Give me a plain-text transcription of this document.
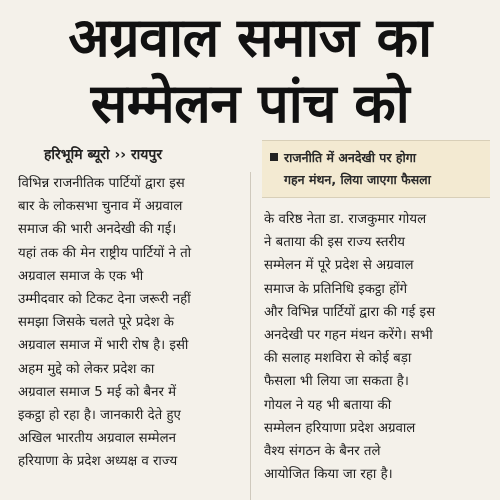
अग्रवाल समाज का
सम्मेलन पांच को
हरिभूमि ब्यूरो ›› रायपुर	राजनीति में अनदेखी पर होगा
गहन मंथन, लिया जाएगा फैसला
विभिन्न राजनीतिक पार्टियों द्वारा इस
बार के लोकसभा चुनाव में अग्रवाल
समाज की भारी अनदेखी की गई।
यहां तक की मेन राष्ट्रीय पार्टियों ने तो
अग्रवाल समाज के एक भी
उम्मीदवार को टिकट देना जरूरी नहीं
समझा जिसके चलते पूरे प्रदेश के
अग्रवाल समाज में भारी रोष है। इसी
अहम मुद्दे को लेकर प्रदेश का
अग्रवाल समाज 5 मई को बैनर में
इकट्ठा हो रहा है। जानकारी देते हुए
अखिल भारतीय अग्रवाल सम्मेलन
हरियाणा के प्रदेश अध्यक्ष व राज्य
के वरिष्ठ नेता डा. राजकुमार गोयल
ने बताया की इस राज्य स्तरीय
सम्मेलन में पूरे प्रदेश से अग्रवाल
समाज के प्रतिनिधि इकट्ठा होंगे
और विभिन्न पार्टियों द्वारा की गई इस
अनदेखी पर गहन मंथन करेंगे। सभी
की सलाह मशविरा से कोई बड़ा
फैसला भी लिया जा सकता है।
गोयल ने यह भी बताया की
सम्मेलन हरियाणा प्रदेश अग्रवाल
वैश्य संगठन के बैनर तले
आयोजित किया जा रहा है।
